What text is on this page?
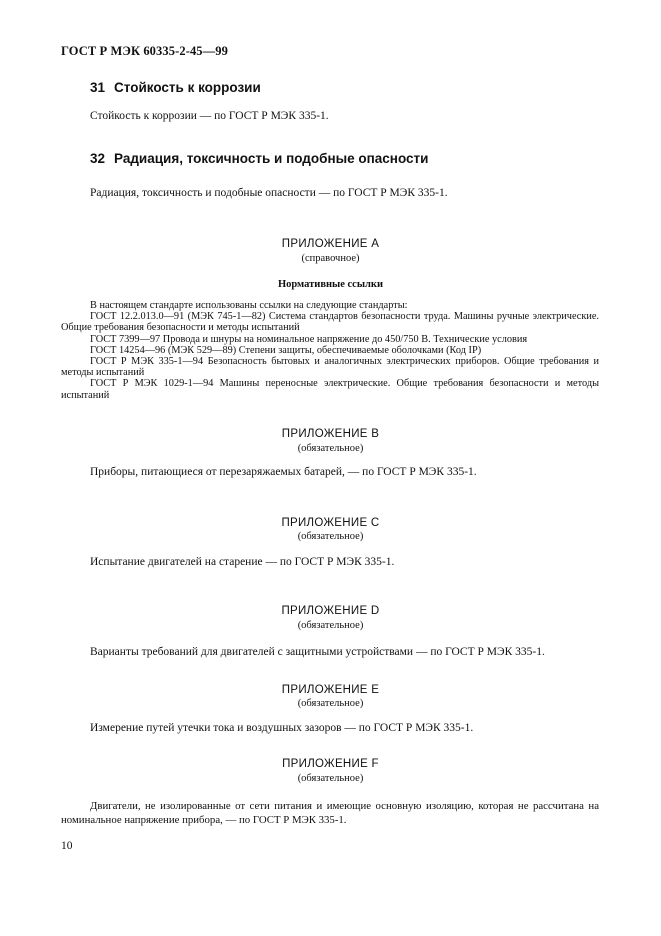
ГОСТ Р МЭК 60335-2-45—99
31 Стойкость к коррозии
Стойкость к коррозии — по ГОСТ Р МЭК 335-1.
32 Радиация, токсичность и подобные опасности
Радиация, токсичность и подобные опасности — по ГОСТ Р МЭК 335-1.
ПРИЛОЖЕНИЕ А
(справочное)
Нормативные ссылки

В настоящем стандарте использованы ссылки на следующие стандарты:

ГОСТ 12.2.013.0—91 (МЭК 745-1—82) Система стандартов безопасности труда. Машины ручные электрические. Общие требования безопасности и методы испытаний

ГОСТ 7399—97 Провода и шнуры на номинальное напряжение до 450/750 В. Технические условия

ГОСТ 14254—96 (МЭК 529—89) Степени защиты, обеспечиваемые оболочками (Код IP)

ГОСТ Р МЭК 335-1—94 Безопасность бытовых и аналогичных электрических приборов. Общие требования и методы испытаний

ГОСТ Р МЭК 1029-1—94 Машины переносные электрические. Общие требования безопасности и методы испытаний

ПРИЛОЖЕНИЕ В
(обязательное)
Приборы, питающиеся от перезаряжаемых батарей, — по ГОСТ Р МЭК 335-1.
ПРИЛОЖЕНИЕ С
(обязательное)
Испытание двигателей на старение — по ГОСТ Р МЭК 335-1.
ПРИЛОЖЕНИЕ D
(обязательное)
Варианты требований для двигателей с защитными устройствами — по ГОСТ Р МЭК 335-1.
ПРИЛОЖЕНИЕ Е
(обязательное)
Измерение путей утечки тока и воздушных зазоров — по ГОСТ Р МЭК 335-1.
ПРИЛОЖЕНИЕ F
(обязательное)

Двигатели, не изолированные от сети питания и имеющие основную изоляцию, которая не рассчитана на номинальное напряжение прибора, — по ГОСТ Р МЭК 335-1.

10
